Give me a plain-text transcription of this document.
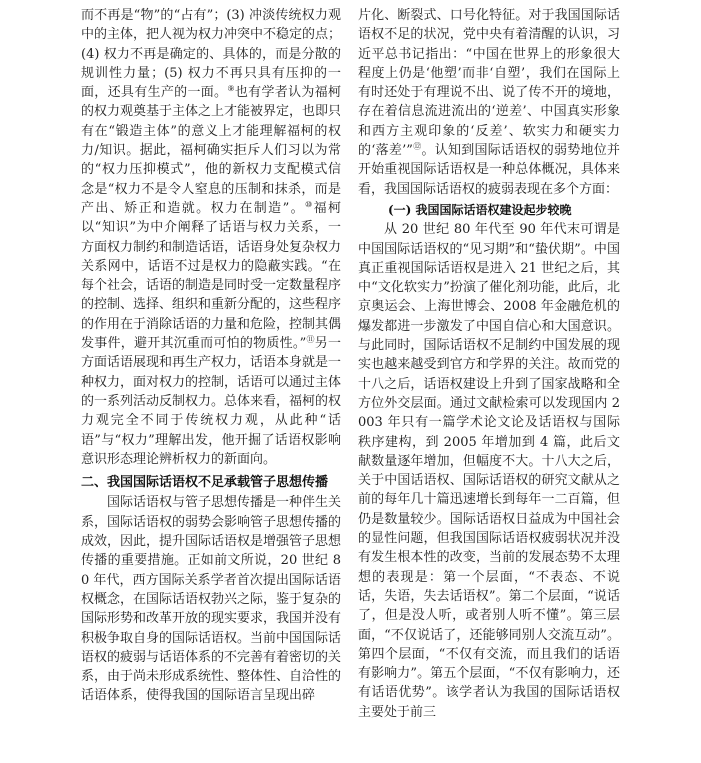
而不再是“物”的“占有”；(3) 冲淡传统权力观中的主体，把人视为权力冲突中不稳定的点；(4) 权力不再是确定的、具体的，而是分散的规训性力量；(5) 权力不再只具有压抑的一面，还具有生产的一面。⑨也有学者认为福柯的权力观奠基于主体之上才能被界定，也即只有在“锻造主体”的意义上才能理解福柯的权力/知识。据此，福柯确实拒斥人们习以为常的“权力压抑模式”，他的新权力支配模式信念是“权力不是令人窒息的压制和抹杀，而是产出、矫正和造就。权力在制造”。⑩福柯以“知识”为中介阐释了话语与权力关系，一方面权力制约和制造话语，话语身处复杂权力关系网中，话语不过是权力的隐蔽实践。“在每个社会，话语的制造是同时受一定数量程序的控制、选择、组织和重新分配的，这些程序的作用在于消除话语的力量和危险，控制其偶发事件，避开其沉重而可怕的物质性。”⑪另一方面话语展现和再生产权力，话语本身就是一种权力，面对权力的控制，话语可以通过主体的一系列活动反制权力。总体来看，福柯的权力观完全不同于传统权力观，从此种“话语”与“权力”理解出发，他开掘了话语权影响意识形态理论辨析权力的新面向。

二、我国国际话语权不足承载管子思想传播

国际话语权与管子思想传播是一种伴生关系，国际话语权的弱势会影响管子思想传播的成效，因此，提升国际话语权是增强管子思想传播的重要措施。正如前文所说，20 世纪 80 年代，西方国际关系学者首次提出国际话语权概念，在国际话语权勃兴之际，鉴于复杂的国际形势和改革开放的现实要求，我国并没有积极争取自身的国际话语权。当前中国国际话语权的疲弱与话语体系的不完善有着密切的关系，由于尚未形成系统性、整体性、自洽性的话语体系，使得我国的国际语言呈现出碎

片化、断裂式、口号化特征。对于我国国际话语权不足的状况，党中央有着清醒的认识，习近平总书记指出：“中国在世界上的形象很大程度上仍是‘他塑’而非‘自塑’，我们在国际上有时还处于有理说不出、说了传不开的境地，存在着信息流进流出的‘逆差’、中国真实形象和西方主观印象的‘反差’、软实力和硬实力的‘落差’”⑫。认知到国际话语权的弱势地位并开始重视国际话语权是一种总体概况，具体来看，我国国际话语权的疲弱表现在多个方面：

(一) 我国国际话语权建设起步较晚

从 20 世纪 80 年代至 90 年代末可谓是中国国际话语权的“见习期”和“蛰伏期”。中国真正重视国际话语权是进入 21 世纪之后，其中“文化软实力”扮演了催化剂功能，此后，北京奥运会、上海世博会、2008 年金融危机的爆发都进一步激发了中国自信心和大国意识。与此同时，国际话语权不足制约中国发展的现实也越来越受到官方和学界的关注。故而党的十八之后，话语权建设上升到了国家战略和全方位外交层面。通过文献检索可以发现国内 2003 年只有一篇学术论文论及话语权与国际秩序建构，到 2005 年增加到 4 篇，此后文献数量逐年增加，但幅度不大。十八大之后，关于中国话语权、国际话语权的研究文献从之前的每年几十篇迅速增长到每年一二百篇，但仍是数量较少。国际话语权日益成为中国社会的显性问题，但我国国际话语权疲弱状况并没有发生根本性的改变，当前的发展态势不太理想的表现是：第一个层面，“不表态、不说话，失语，失去话语权”。第二个层面，“说话了，但是没人听，或者别人听不懂”。第三层面，“不仅说话了，还能够同别人交流互动”。第四个层面，“不仅有交流，而且我们的话语有影响力”。第五个层面，“不仅有影响力，还有话语优势”。该学者认为我国的国际话语权主要处于前三
